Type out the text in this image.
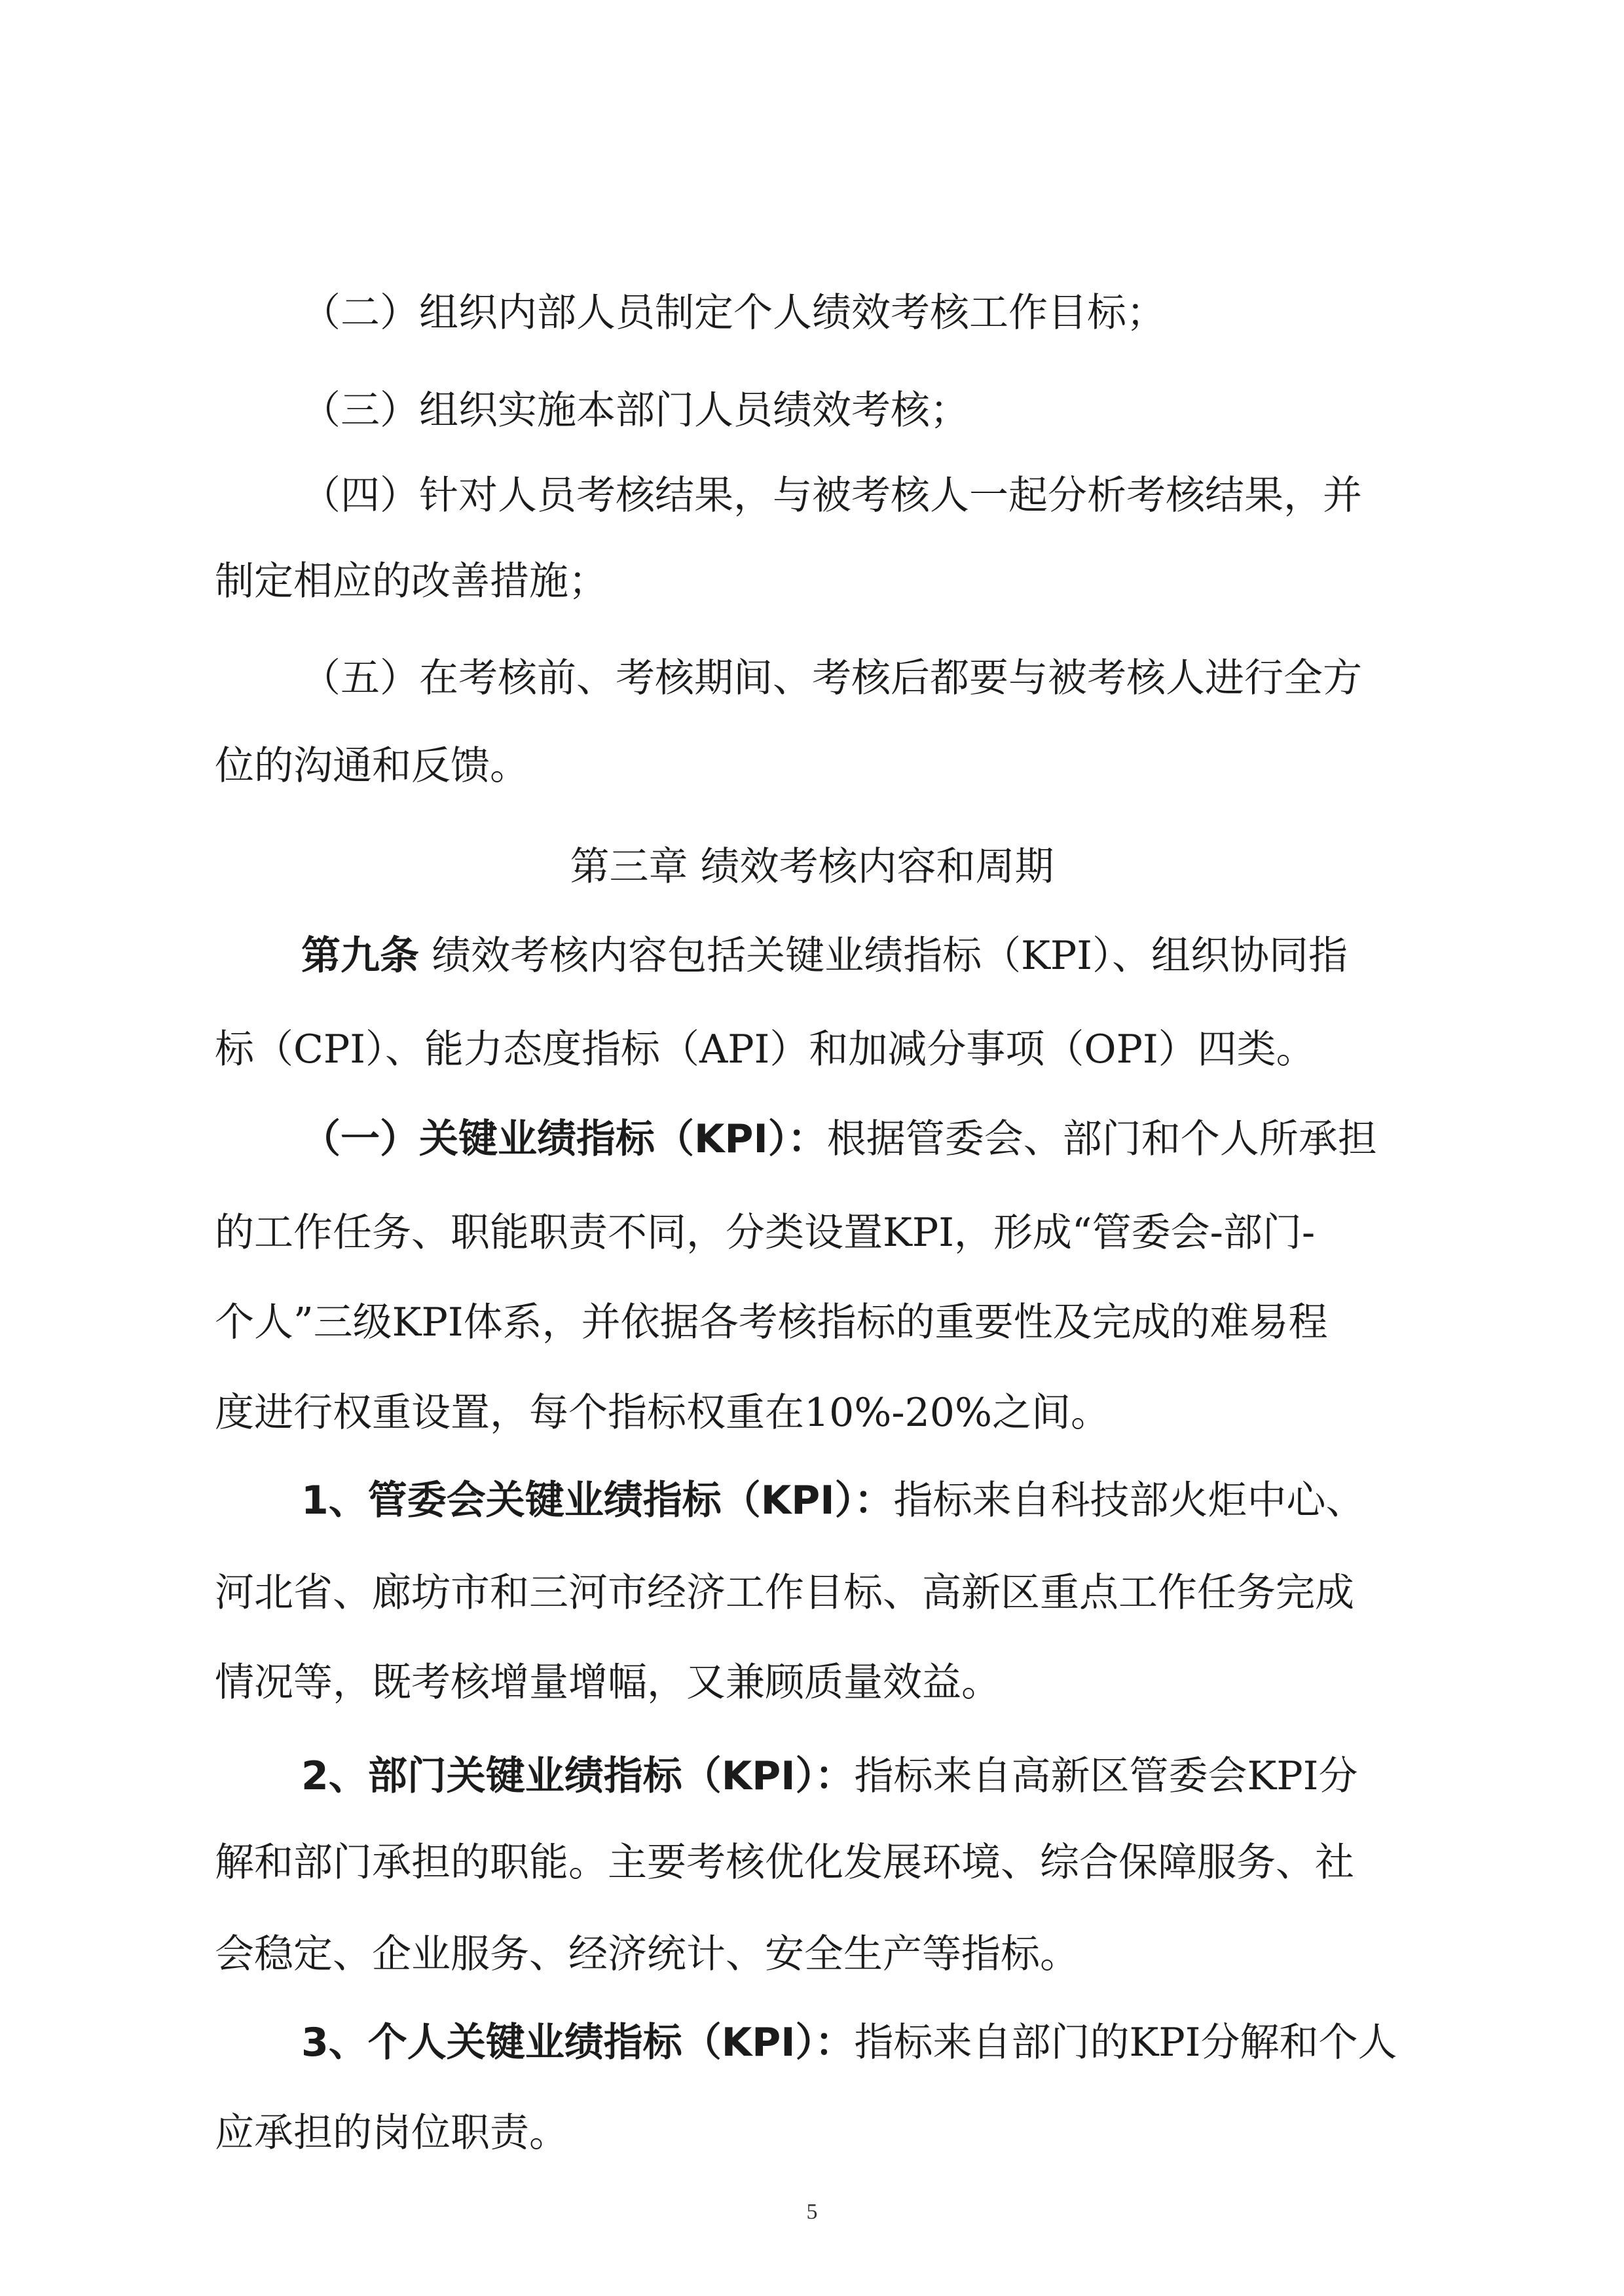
（二）组织内部人员制定个人绩效考核工作目标；

（三）组织实施本部门人员绩效考核；

（四）针对人员考核结果，与被考核人一起分析考核结果，并

制定相应的改善措施；

（五）在考核前、考核期间、考核后都要与被考核人进行全方

位的沟通和反馈。

第三章 绩效考核内容和周期

第九条 绩效考核内容包括关键业绩指标（KPI）、组织协同指

标（CPI）、能力态度指标（API）和加减分事项（OPI）四类。

（一）关键业绩指标（KPI）：根据管委会、部门和个人所承担

的工作任务、职能职责不同，分类设置KPI，形成“管委会-部门-

个人”三级KPI体系，并依据各考核指标的重要性及完成的难易程

度进行权重设置，每个指标权重在10%-20%之间。

1、管委会关键业绩指标（KPI）：指标来自科技部火炬中心、

河北省、廊坊市和三河市经济工作目标、高新区重点工作任务完成

情况等，既考核增量增幅，又兼顾质量效益。

2、部门关键业绩指标（KPI）：指标来自高新区管委会KPI分

解和部门承担的职能。主要考核优化发展环境、综合保障服务、社

会稳定、企业服务、经济统计、安全生产等指标。

3、个人关键业绩指标（KPI）：指标来自部门的KPI分解和个人

应承担的岗位职责。

5
